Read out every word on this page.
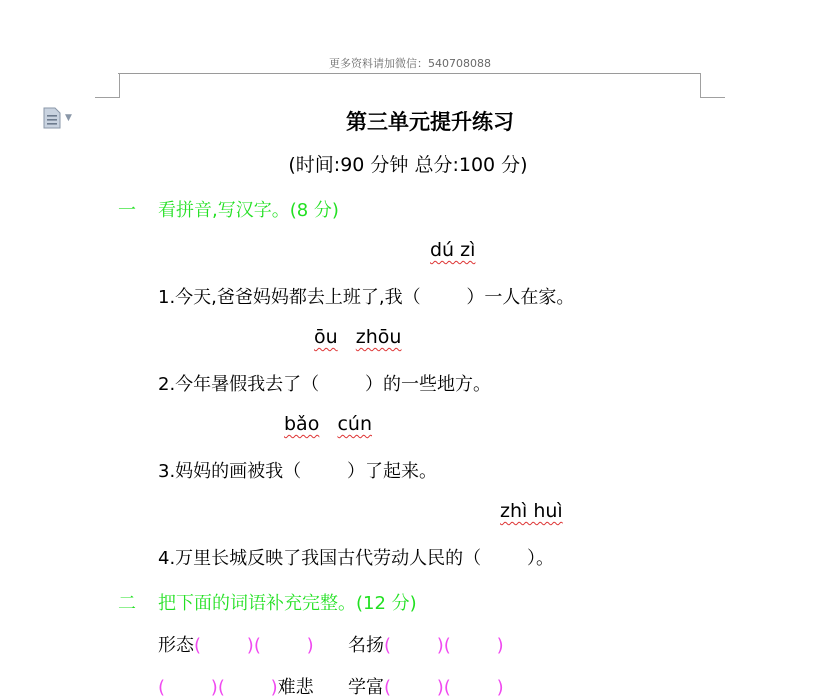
更多资料请加微信：540708088
▼	第三单元提升练习
(时间:90 分钟 总分:100 分)
一 看拼音,写汉字。(8 分)
dú zì
1.今天,爸爸妈妈都去上班了,我（        ）一人在家。
ōu zhōu
2.今年暑假我去了（        ）的一些地方。
bǎo cún
3.妈妈的画被我（        ）了起来。
zhì huì
4.万里长城反映了我国古代劳动人民的（        ）。
二 把下面的词语补充完整。(12 分)
形态(        )(        ) 名扬(        )(        )
(        )(        )难悲 学富(        )(        )
